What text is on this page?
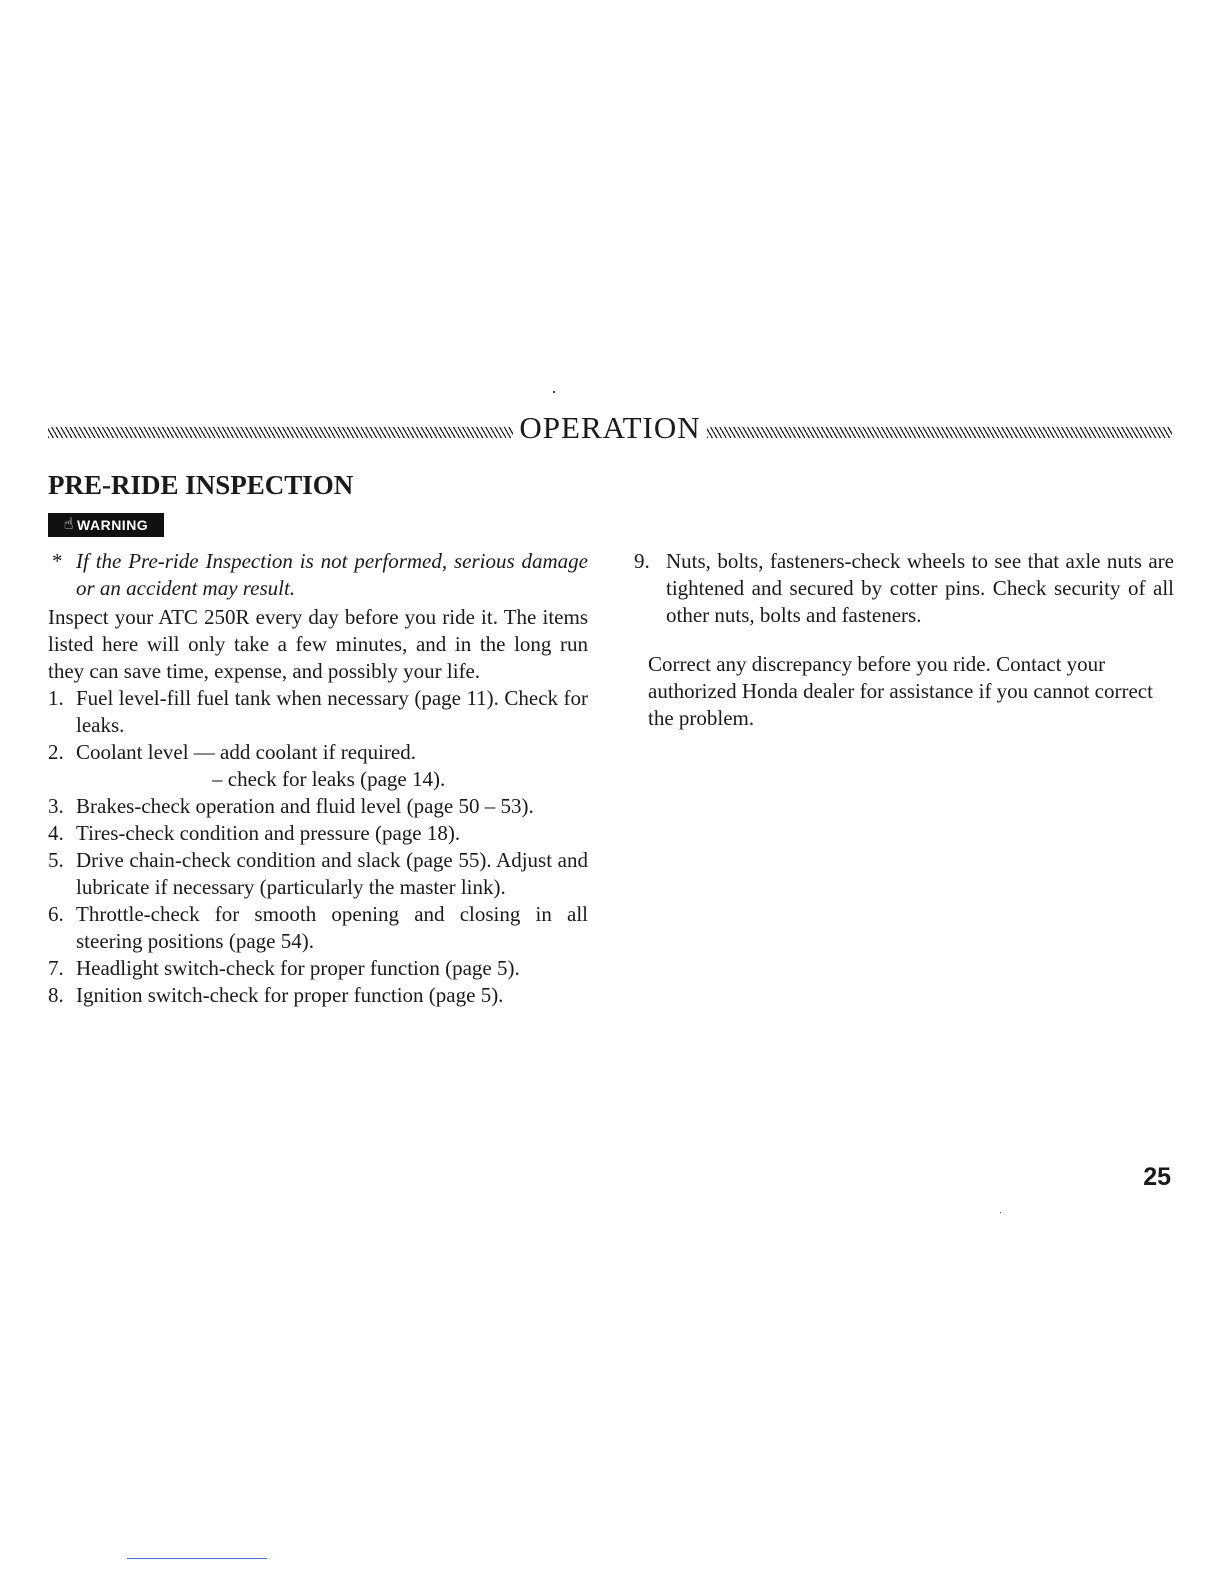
OPERATION
PRE-RIDE INSPECTION
☝ WARNING
* If the Pre-ride Inspection is not performed, serious damage or an accident may result.

Inspect your ATC 250R every day before you ride it. The items listed here will only take a few minutes, and in the long run they can save time, expense, and possibly your life.

1. Fuel level-fill fuel tank when necessary (page 11). Check for leaks.
2. Coolant level — add coolant if required.
– check for leaks (page 14).
3. Brakes-check operation and fluid level (page 50 – 53).
4. Tires-check condition and pressure (page 18).
5. Drive chain-check condition and slack (page 55). Adjust and lubricate if necessary (particularly the master link).
6. Throttle-check for smooth opening and closing in all steering positions (page 54).
7. Headlight switch-check for proper function (page 5).
8. Ignition switch-check for proper function (page 5).
9. Nuts, bolts, fasteners-check wheels to see that axle nuts are tightened and secured by cotter pins. Check security of all other nuts, bolts and fasteners.

Correct any discrepancy before you ride. Contact your authorized Honda dealer for assistance if you cannot correct the problem.

25
